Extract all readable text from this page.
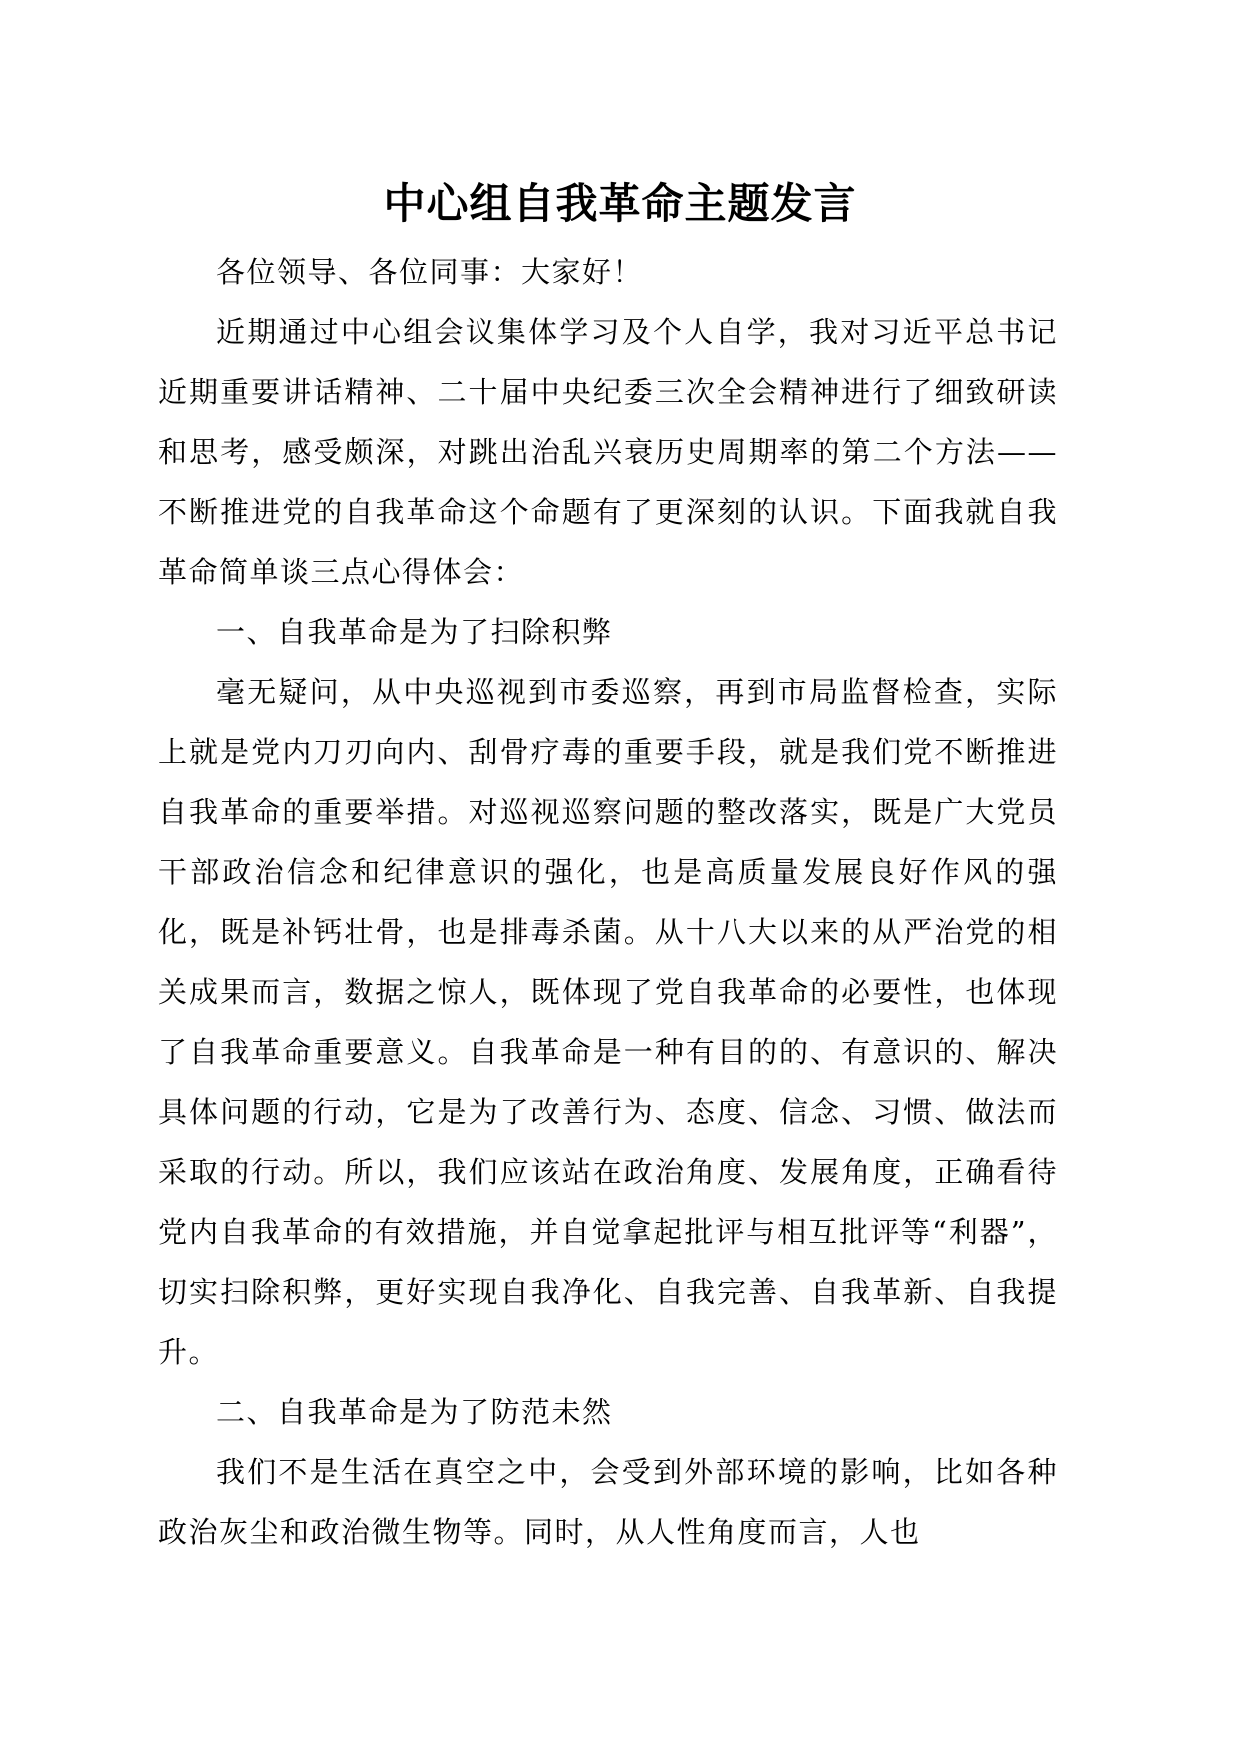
中心组自我革命主题发言

各位领导、各位同事：大家好！

近期通过中心组会议集体学习及个人自学，我对习近平总书记近期重要讲话精神、二十届中央纪委三次全会精神进行了细致研读和思考，感受颇深，对跳出治乱兴衰历史周期率的第二个方法——不断推进党的自我革命这个命题有了更深刻的认识。下面我就自我革命简单谈三点心得体会：

一、自我革命是为了扫除积弊

毫无疑问，从中央巡视到市委巡察，再到市局监督检查，实际上就是党内刀刃向内、刮骨疗毒的重要手段，就是我们党不断推进自我革命的重要举措。对巡视巡察问题的整改落实，既是广大党员干部政治信念和纪律意识的强化，也是高质量发展良好作风的强化，既是补钙壮骨，也是排毒杀菌。从十八大以来的从严治党的相关成果而言，数据之惊人，既体现了党自我革命的必要性，也体现了自我革命重要意义。自我革命是一种有目的的、有意识的、解决具体问题的行动，它是为了改善行为、态度、信念、习惯、做法而采取的行动。所以，我们应该站在政治角度、发展角度，正确看待党内自我革命的有效措施，并自觉拿起批评与相互批评等“利器”，切实扫除积弊，更好实现自我净化、自我完善、自我革新、自我提升。

二、自我革命是为了防范未然

我们不是生活在真空之中，会受到外部环境的影响，比如各种政治灰尘和政治微生物等。同时，从人性角度而言，人也
